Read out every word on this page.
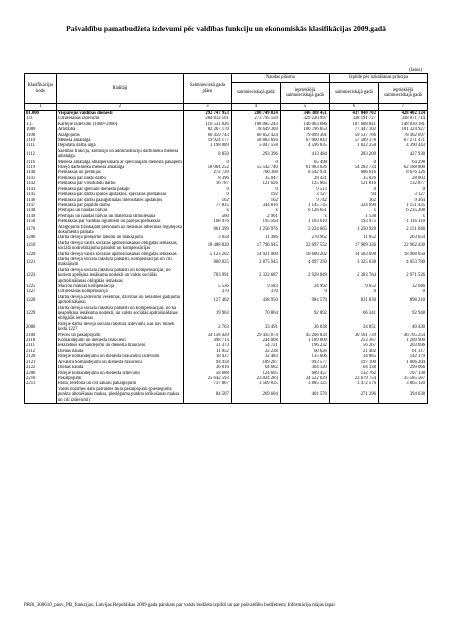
Pašvaldību pamatbudžeta izdevumi pēc valdības funkciju un ekonomiskās klasifikācijas 2009.gadā
(latos)
Klasifikācijas kods	Rādītāji	Saimnieciskā gada plāns	Naudas plūsma		Izpilde pēc uzkrāšanas principa	
			saimnieciskajā gadā	iepriekšējā saimnieciskajā gadā	saimnieciskajā gadā	iepriekšējā saimnieciskajā gadā
1	2	3	4	5	6	7
01.000	Vispārējie valdības dienesti	292 747 953	280 749 024	346 388 451	437 040 702	428 402 124
1.0.	Uzturēšanas izdevumi	284 812 101	273 795 550	329 220 997	328 191 727	338 071 714
1.1.	Kārtējie izdevumi (1000+2000)	116 531 026	108 085 243	146 063 686	107 608 841	148 030 181
1000	Atlīdzība	82 367 170	78 649 369	100 796 853	77 447 102	101 324 927
1100	Atalgojums	60 459 743	60 852 424	79 099 301	59 537 766	78 362 697
1110	Mēnešа amatalga	19 924 177	58 883 694	67 060 843	57 589 178	67 271 471
1111	Deputātu darba alga	1 198 089	5 047 558	4 596 835	1 022 258	4 390 443
1112	Saeimas frakciju, komisiju un administrāciju darbinieku mēnešа amatalga	8 850	293 396	413 484	283 209	427 930
1116	Mēnešа amatalga amatpersonām ar speciālajām dienesta pakāpēm	0	0	65 498	0	64 298
1119	Pārējo darbinieku mēnešа amatalga	18 064 252	55 542 740	61 983 026	54 283 734	62 188 800
1140	Piemaksas un prēmijas	272 729	700 368	8 542 931	686 616	8 676 326
1141	Piemaksa par nakts darbu	8 396	35 047	28 421	35 026	28 003
1142	Piemaksa par virsstundu darbu	16 787	121 626	125 665	121 816	132 877
1143	Piemaksa par speciālo dienesta pakāpi	0	0	9 513	0	0
1145	Piemaksa par darbu īpašos apstākļos, speciālās piemaksas	0	192	3 127	94	3 127
1146	Piemaksa par darbu paaugstinātas intensitātes apstākļos	162	162	9 742	162	9 364
1147	Piemaksa par papildu darbu	77 835	344 816	1 145 735	324 690	1 151 435
1148	Prēmijas un naudas balvas	x	x	6 126 651	x	6 235 208
1149	Prēmijas un naudas balvas un materiālā stimulēšana	560	2 961	x	1 538	x
1150	Piemaksas par vadības līgumiem un pārējās piemaksas	168 976	195 564	1 103 610	193 975	1 116 310
1170	Atalgojums fiziskajām personām uz tiesiskās attiecības regulējošu dokumentu pamata	861 399	1 256 976	2 224 665	1 250 920	2 151 046
1200	Darba devēja piešķirtie labumi un maksājumi	3 058	11 386	270 962	11 052	263 654
1210	Darba devēja valsts sociālās apdrošināšanas obligātās iemaksas, sociālā nodrošinājuma pabalsti un kompensācijas	18 488 820	17 796 945	22 697 552	17 909 336	22 962 430
1220	Darba devēja valsts sociālās apdrošināšanas obligātās iemaksas	5 123 202	14 921 000	18 600 202	14 583 698	18 908 650
1221	Darba devēja sociāla rakstura pabalsti, kompensācijas un citi maksājumi	860 025	2 875 945	4 097 350	3 325 638	4 053 780
1223	Darba devēja sociāla rakstura pabalsti un kompensācijas, no kuriem aprēķina ienākuma nodokli un valsts sociālās apdrošināšanas obligātās iemaksas	703 991	2 322 687	2 928 849	2 383 764	2 971 526
1225	Mācību maksas kompensācija	5 536	9 583	24 992	9 652	32 646
1227	Uzturēšanas kompensācija	370	370	0	0	0
1228	Darba devēja izdevumi veselības, dzīvības un nelaimes gadījumu apdrošināšanai	127 402	438 950	984 579	831 030	898 210
1229	Darba devēja sociāla rakstura pabalsti un kompensācijas, no kā neaprēķina ienākuma nodokli, un valsts sociālās apdrošināšanas obligātās iemaksas	19 963	70 864	92 892	66 341	92 948
2000	Pārējie darba devēja sociālā rakstura izdevumi, kas nav minēti kodā 1227	2 763	33 491	36 038	34 851	40 430
2100	Preces un pakalpojumi	34 156 429	29 435 874	45 266 833	30 161 739	46 705 254
2110	Komandējumi un dienesta braucieni	498 714	244 008	1 189 809	253 367	1 209 900
2111	Iekšzemes komandējumi un dienesta braucieni	31 373	54 721	196 232	56 267	203 696
2112	Dienas nauda	11 052	22 238	60 626	21 402	61 317
2120	Pārējie komandējumu un dienesta braucienu izdevumi	18 437	32 483	135 606	34 865	142 379
2121	Ārvalstu komandējumi un dienesta braucieni	94 958	189 287	993 577	197 100	1 006 204
2122	Dienas nauda	36 016	64 682	304 120	64 338	299 066
2200	Pārējie komandējumu un dienesta izdevumi	58 688	124 605	689 457	132 762	707 138
2210	Pakalpojumi	25 642 593	23 024 283	34 522 029	23 679 754	35 585 567
2211	Pasta, telefona un citi sakaru pakalpojumi	737 807	3 509 835	3 885 125	3 472 576	3 865 120
	Valsts nozīmes datu pārraides tīkla pakalpojumi (pieslēguma punkta abonēšanas maksa, pieslēguma punkta ierīkošanas maksa un citi izdevumi)	84 507	269 604	401 570	271 296	394 638
PRI6_300610_pasv_PB_funkcijas; Latvijas Republikas 2009.gada pārskats par valsts budžeta izpildi un par pašvaldību budžetiem; Informācija mājas lapai
